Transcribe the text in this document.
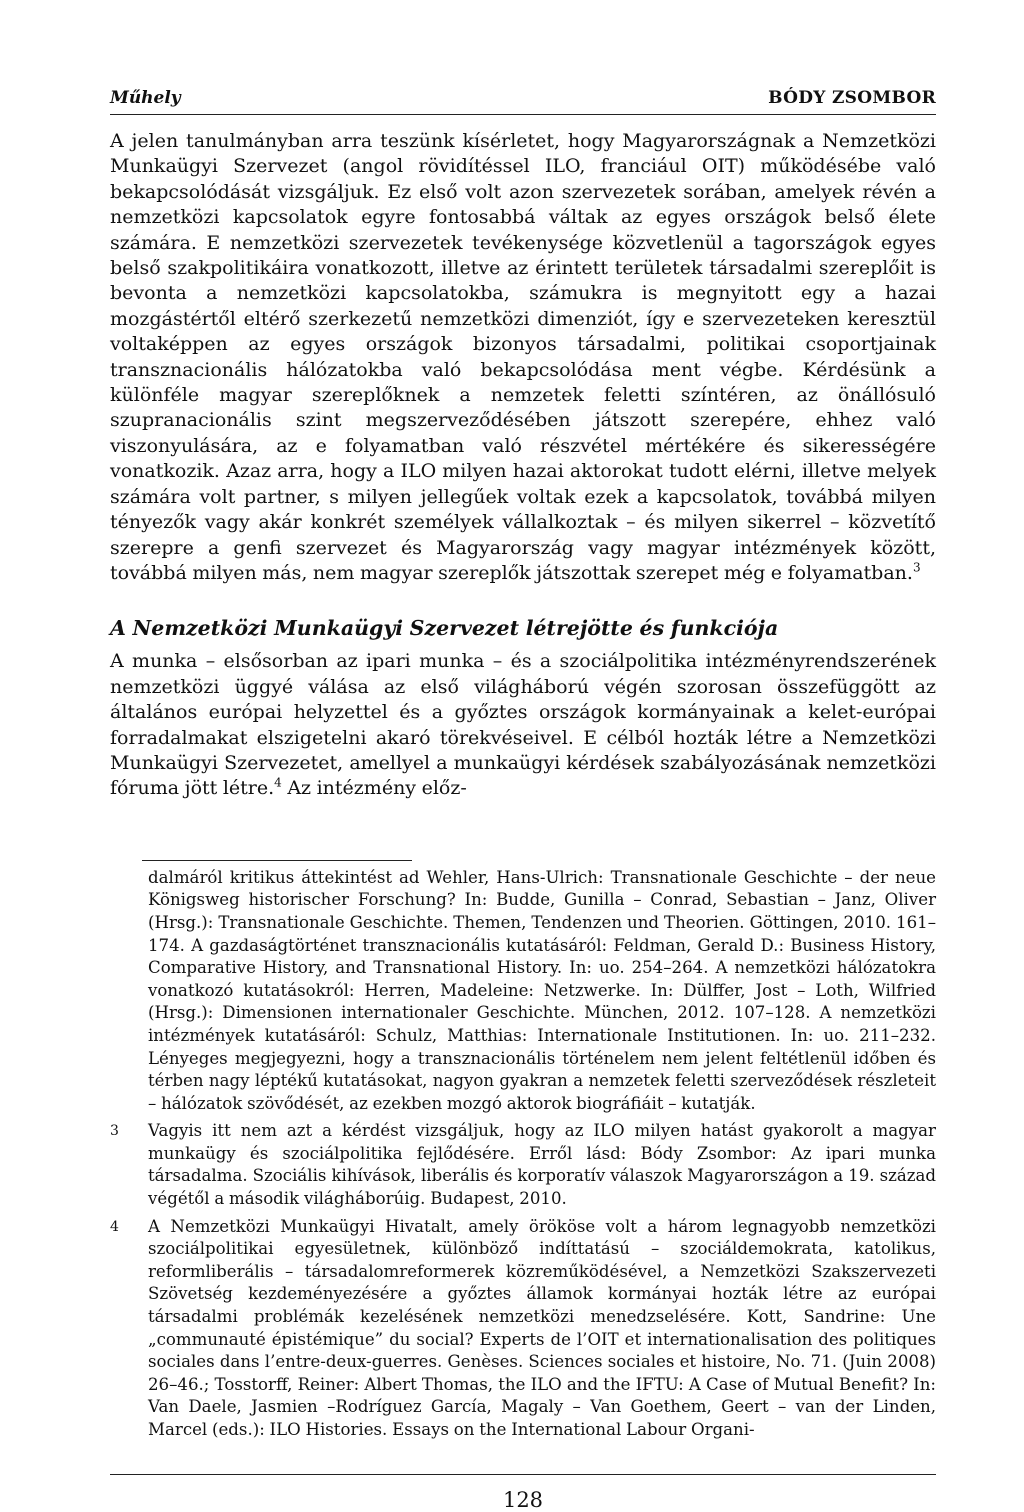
Műhely	BÓDY ZSOMBOR

A jelen tanulmányban arra teszünk kísérletet, hogy Magyarországnak a Nemzetközi Munkaügyi Szervezet (angol rövidítéssel ILO, franciául OIT) működésébe való bekapcsolódását vizsgáljuk. Ez első volt azon szervezetek sorában, amelyek révén a nemzetközi kapcsolatok egyre fontosabbá váltak az egyes országok belső élete számára. E nemzetközi szervezetek tevékenysége közvetlenül a tagországok egyes belső szakpolitikáira vonatkozott, illetve az érintett területek társadalmi szereplőit is bevonta a nemzetközi kapcsolatokba, számukra is megnyitott egy a hazai mozgástértől eltérő szerkezetű nemzetközi dimenziót, így e szervezeteken keresztül voltaképpen az egyes országok bizonyos társadalmi, politikai csoportjainak transznacionális hálózatokba való bekapcsolódása ment végbe. Kérdésünk a különféle magyar szereplőknek a nemzetek feletti színtéren, az önállósuló szupranacionális szint megszerveződésében játszott szerepére, ehhez való viszonyulására, az e folyamatban való részvétel mértékére és sikerességére vonatkozik. Azaz arra, hogy a ILO milyen hazai aktorokat tudott elérni, illetve melyek számára volt partner, s milyen jellegűek voltak ezek a kapcsolatok, továbbá milyen tényezők vagy akár konkrét személyek vállalkoztak – és milyen sikerrel – közvetítő szerepre a genfi szervezet és Magyarország vagy magyar intézmények között, továbbá milyen más, nem magyar szereplők játszottak szerepet még e folyamatban.$^3$

A Nemzetközi Munkaügyi Szervezet létrejötte és funkciója

A munka – elsősorban az ipari munka – és a szociálpolitika intézményrendszerének nemzetközi üggyé válása az első világháború végén szorosan összefüggött az általános európai helyzettel és a győztes országok kormányainak a kelet-európai forradalmakat elszigetelni akaró törekvéseivel. E célból hozták létre a Nemzetközi Munkaügyi Szervezetet, amellyel a munkaügyi kérdések szabályozásának nemzetközi fóruma jött létre.$^4$ Az intézmény előz-

dalmáról kritikus áttekintést ad Wehler, Hans-Ulrich: Transnationale Geschichte – der neue Königsweg historischer Forschung? In: Budde, Gunilla – Conrad, Sebastian – Janz, Oliver (Hrsg.): Transnationale Geschichte. Themen, Tendenzen und Theorien. Göttingen, 2010. 161–174. A gazdaságtörténet transznacionális kutatásáról: Feldman, Gerald D.: Business History, Comparative History, and Transnational History. In: uo. 254–264. A nemzetközi hálózatokra vonatkozó kutatásokról: Herren, Madeleine: Netzwerke. In: Dülffer, Jost – Loth, Wilfried (Hrsg.): Dimensionen internationaler Geschichte. München, 2012. 107–128. A nemzetközi intézmények kutatásáról: Schulz, Matthias: Internationale Institutionen. In: uo. 211–232. Lényeges megjegyezni, hogy a transznacionális történelem nem jelent feltétlenül időben és térben nagy léptékű kutatásokat, nagyon gyakran a nemzetek feletti szerveződések részleteit – hálózatok szövődését, az ezekben mozgó aktorok biográfiáit – kutatják.
3	Vagyis itt nem azt a kérdést vizsgáljuk, hogy az ILO milyen hatást gyakorolt a magyar munkaügy és szociálpolitika fejlődésére. Erről lásd: Bódy Zsombor: Az ipari munka társadalma. Szociális kihívások, liberális és korporatív válaszok Magyarországon a 19. század végétől a második világháborúig. Budapest, 2010.
4	A Nemzetközi Munkaügyi Hivatalt, amely örököse volt a három legnagyobb nemzetközi szociálpolitikai egyesületnek, különböző indíttatású – szociáldemokrata, katolikus, reformliberális – társadalomreformerek közreműködésével, a Nemzetközi Szakszervezeti Szövetség kezdeményezésére a győztes államok kormányai hozták létre az európai társadalmi problémák kezelésének nemzetközi menedzselésére. Kott, Sandrine: Une „communauté épistémique” du social? Experts de l’OIT et internationalisation des politiques sociales dans l’entre-deux-guerres. Genèses. Sciences sociales et histoire, No. 71. (Juin 2008) 26–46.; Tosstorff, Reiner: Albert Thomas, the ILO and the IFTU: A Case of Mutual Benefit? In: Van Daele, Jasmien –Rodríguez García, Magaly – Van Goethem, Geert – van der Linden, Marcel (eds.): ILO Histories. Essays on the International Labour Organi-
128
